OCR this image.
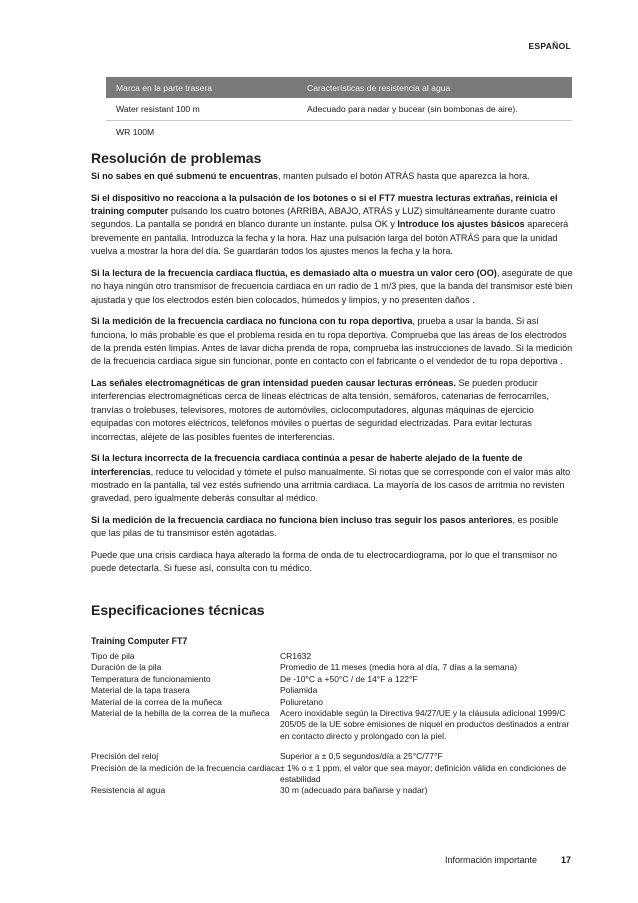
ESPAÑOL
Marca en la parte trasera	Características de resistencia al agua
Water resistant 100 m	Adecuado para nadar y bucear (sin bombonas de aire).
WR 100M
Resolución de problemas

Si no sabes en qué submenú te encuentras, manten pulsado el botón ATRÁS hasta que aparezca la hora.

Si el dispositivo no reacciona a la pulsación de los botones o si el FT7 muestra lecturas extrañas, reinicia el training computer pulsando los cuatro botones (ARRIBA, ABAJO, ATRÁS y LUZ) simultáneamente durante cuatro segundos. La pantalla se pondrá en blanco durante un instante. pulsa OK y Introduce los ajustes básicos aparecerá brevemente en pantalla. Introduzca la fecha y la hora. Haz una pulsación larga del botón ATRÁS para que la unidad vuelva a mostrar la hora del día. Se guardarán todos los ajustes menos la fecha y la hora.

Si la lectura de la frecuencia cardiaca fluctúa, es demasiado alta o muestra un valor cero (OO), asegúrate de que no haya ningún otro transmisor de frecuencia cardiaca en un radio de 1 m/3 pies, que la banda del transmisor esté bien ajustada y que los electrodos estén bien colocados, húmedos y limpios, y no presenten daños .

Si la medición de la frecuencia cardiaca no funciona con tu ropa deportiva, prueba a usar la banda. Si así funciona, lo más probable es que el problema resida en tu ropa deportiva. Comprueba que las áreas de los electrodos de la prenda estén limpias. Antes de lavar dicha prenda de ropa, comprueba las instrucciones de lavado. Si la medición de la frecuencia cardiaca sigue sin funcionar, ponte en contacto con el fabricante o el vendedor de tu ropa deportiva .

Las señales electromagnéticas de gran intensidad pueden causar lecturas erróneas. Se pueden producir interferencias electromagnéticas cerca de líneas eléctricas de alta tensión, semáforos, catenarias de ferrocarriles, tranvías o trolebuses, televisores, motores de automóviles, ciclocomputadores, algunas máquinas de ejercicio equipadas con motores eléctricos, teléfonos móviles o puertas de seguridad electrizadas. Para evitar lecturas incorrectas, aléjete de las posibles fuentes de interferencias.

Si la lectura incorrecta de la frecuencia cardiaca continúa a pesar de haberte alejado de la fuente de interferencias, reduce tu velocidad y tómete el pulso manualmente. Si notas que se corresponde con el valor más alto mostrado en la pantalla, tal vez estés sufriendo una arritmia cardiaca. La mayoría de los casos de arritmia no revisten gravedad, pero igualmente deberás consultar al médico.

Si la medición de la frecuencia cardiaca no funciona bien incluso tras seguir los pasos anteriores, es posible que las pilas de tu transmisor estén agotadas.

Puede que una crisis cardiaca haya alterado la forma de onda de tu electrocardiograma, por lo que el transmisor no puede detectarla. Si fuese así, consulta con tu médico.

Especificaciones técnicas
Training Computer FT7
Tipo de pila	CR1632
Duración de la pila	Promedio de 11 meses (media hora al día, 7 días a la semana)
Temperatura de funcionamiento	De -10°C a +50°C / de 14°F a 122°F
Material de la tapa trasera	Poliamida
Material de la correa de la muñeca	Poliuretano
Material de la hebilla de la correa de la muñeca	Acero inoxidable según la Directiva 94/27/UE y la cláusula adicional 1999/C 205/05 de la UE sobre emisiones de níquel en productos destinados a entrar en contacto directo y prolongado con la piel.
Precisión del reloj	Superior a ± 0,5 segundos/día a 25°C/77°F
Precisión de la medición de la frecuencia cardiaca ± 1% o ± 1 ppm, el valor que sea mayor; definición válida en condiciones de estabilidad
Resistencia al agua	30 m (adecuado para bañarse y nadar)
Información importante	17
